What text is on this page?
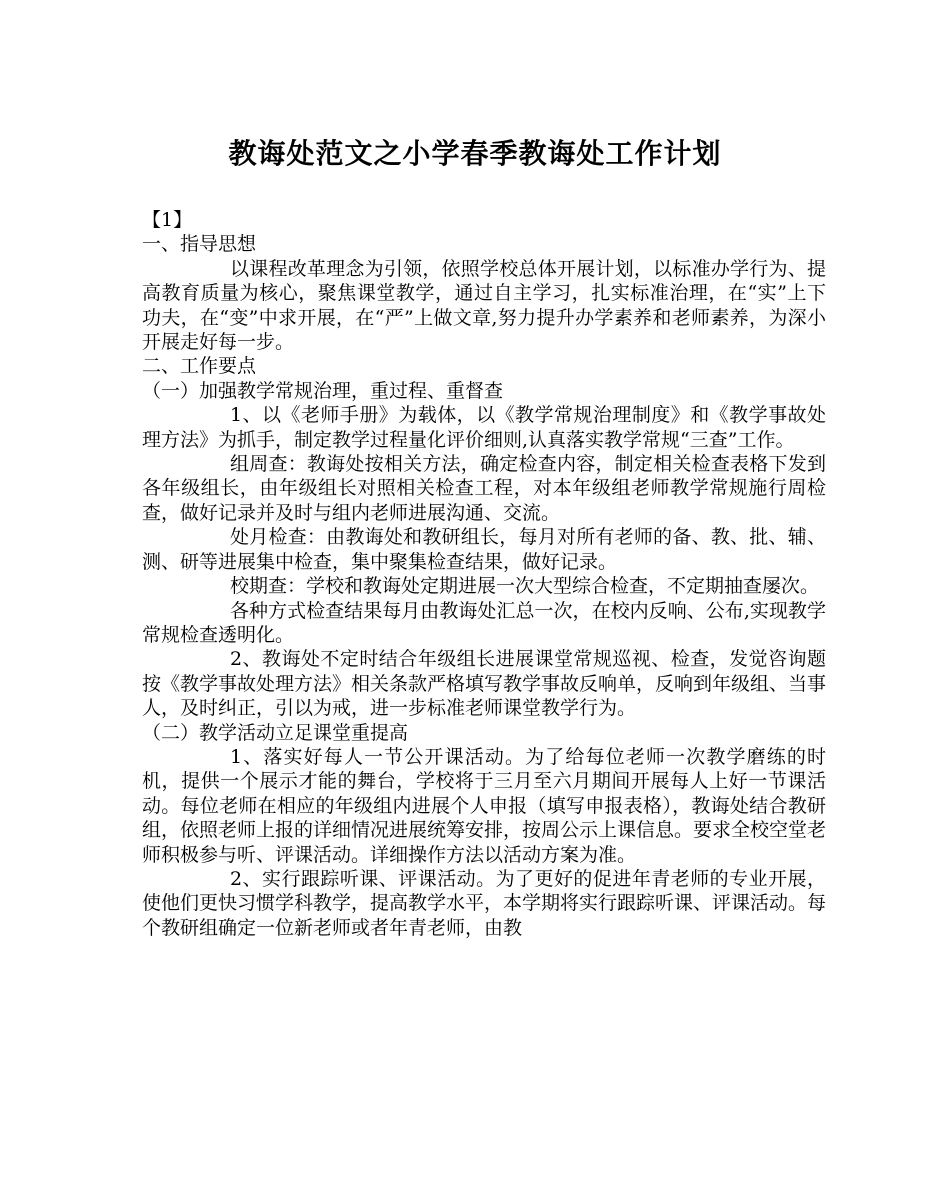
教诲处范文之小学春季教诲处工作计划

【1】

一、指导思想

以课程改革理念为引领，依照学校总体开展计划，以标准办学行为、提高教育质量为核心，聚焦课堂教学，通过自主学习，扎实标准治理，在“实”上下功夫，在“变”中求开展，在“严”上做文章,努力提升办学素养和老师素养，为深小开展走好每一步。

二、工作要点

（一）加强教学常规治理，重过程、重督查

1、以《老师手册》为载体，以《教学常规治理制度》和《教学事故处理方法》为抓手，制定教学过程量化评价细则,认真落实教学常规“三查”工作。

组周查：教诲处按相关方法，确定检查内容，制定相关检查表格下发到各年级组长，由年级组长对照相关检查工程，对本年级组老师教学常规施行周检查，做好记录并及时与组内老师进展沟通、交流。

处月检查：由教诲处和教研组长，每月对所有老师的备、教、批、辅、测、研等进展集中检查，集中聚集检查结果，做好记录。

校期查：学校和教诲处定期进展一次大型综合检查，不定期抽查屡次。

各种方式检查结果每月由教诲处汇总一次，在校内反响、公布,实现教学常规检查透明化。

2、教诲处不定时结合年级组长进展课堂常规巡视、检查，发觉咨询题按《教学事故处理方法》相关条款严格填写教学事故反响单，反响到年级组、当事人，及时纠正，引以为戒，进一步标准老师课堂教学行为。

（二）教学活动立足课堂重提高

1、落实好每人一节公开课活动。为了给每位老师一次教学磨练的时机，提供一个展示才能的舞台，学校将于三月至六月期间开展每人上好一节课活动。每位老师在相应的年级组内进展个人申报（填写申报表格），教诲处结合教研组，依照老师上报的详细情况进展统筹安排，按周公示上课信息。要求全校空堂老师积极参与听、评课活动。详细操作方法以活动方案为准。

2、实行跟踪听课、评课活动。为了更好的促进年青老师的专业开展，使他们更快习惯学科教学，提高教学水平，本学期将实行跟踪听课、评课活动。每个教研组确定一位新老师或者年青老师，由教
